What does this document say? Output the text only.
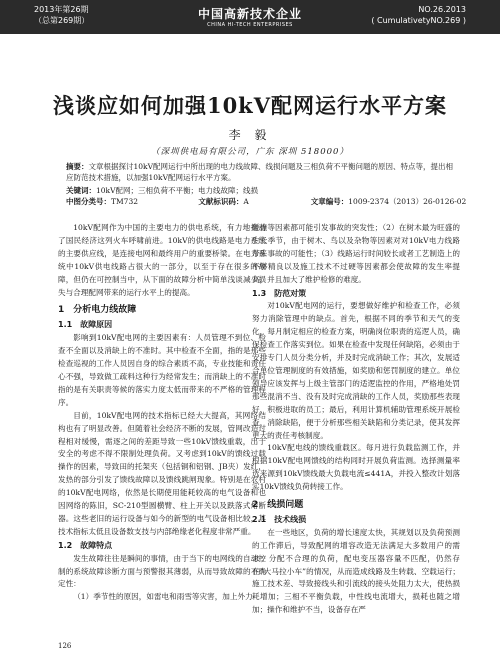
2013年第26期
（总第269期）	中国高新技术企业
CHINA HI-TECH ENTERPRISES
NO.26.2013
( CumulativetyNO.269 )
浅谈应如何加强10kV配网运行水平方案
李 毅
（深圳供电局有限公司，广东 深圳 518000）
摘要：文章根据探讨10kV配网运行中所出现的电力线故障、线损问题及三相负荷不平衡问题的原因、特点等，提出相应防范技术措施，以加强10kV配网运行水平方案。
关键词：10kV配网；三相负荷不平衡；电力线故障；线损
中图分类号：TM732	文献标识码：A	文章编号：1009-2374（2013）26-0126-02

10kV配网作为中国的主要电力的供电系统，有力地推动了国民经济这列火车呼啸前进。10kV的供电线路是电力系统的主要供应线，是连接电网和最终用户的重要桥梁。在电力系统中10kV供电线路占很大的一部分，以至于存在很多的故障，但仍在可控制当中，从下面的故障分析中简单浅谈减少损失与合理配网带来的运行水平上的提高。

1　分析电力线故障
1.1　故障原因

影响到10kV配电网的主要因素有：人员管理不到位、检查不全面以及消缺上的不准时。其中检查不全面，指的是那些检查巡视的工作人员因自身的综合素质不高，专业技能和责任心不强，导致做工疏料这种行为经常发生；而消缺上的不准时指的是有关职责等候的落实力度太低而带来的不严格的管理程序。

目前，10kV配电网的技术指标已经大大提高，其网络结构也有了明显改善。但随着社会经济不断的发展，管网改造过程相对缓慢，需逐之间的差距导致一些10kV馈线重载，出于安全的考虑不得不限制处理负荷。又考虑到10kV的馈线过载操作的因素，导致田的托架夹（包括铜和铝钢、JB夹）发红，发热的部分引发了馈线故障以及馈线跳闸现象。特别是在农村的10kV配电网络，依然是长期使用能耗较高的电气设备和也因网络的陈旧，SC-210型圆横臂、柱上开关以及跌落式熔断器。这些老旧的运行设备与如今的新型的电气设备相比较，其技术指标太低且设备数支技与内部绝缘老化程度非常严重。

1.2　故障特点

发生故障往往是瞬间的事情，由于当下的电网线的自动控制的系统故障诊断方面与预警报其薄弱，从而导致故障的不确定性：

（1）季节性的原因，如雷电和雨雪等灾害，加上外力

碰撞等因素都可能引发事故的突发性；（2）在树木最为旺盛的生长季节，由于树木、鸟以及杂物等因素对对10kV电力线路带来事故的可能性；（3）线路运行时间较长或者工艺制造上的不够精良以及施工技术不过硬等因素都会使故障的发生率提高，并且加大了维护检修的难度。

1.3　防范对策

对10kV配电网的运行，要想做好维护和检查工作，必须努力消除管理中的缺点。首先，根据不同的季节和天气的变化，每月制定相应的检查方案，明确岗位职责的巡逻人员，确保检查工作落实到位。如果在检查中发现任何缺陷，必须由于安排专门人员分类分析，并及时完成消缺工作；其次，发展适合单位管理制度的有效措施，如奖励和惩罚制度的建立。单位领导应该发挥与上级主管部门的适逻监控的作用，严格地处罚那些混消不当、没有及时完成消缺的工作人员，奖励那些表现好、积极进取的员工；最后，利用计算机辅助管理系统开展检查，消除缺陷，便于分析那些相关缺陷和分类记录，使其发挥更大的责任考核制度。

10kV配电线的馈线重载区。每月进行负载监测工作，并根据10kV配电网馈线的结构同时开展负荷监测。选择测量率选来源到10kV馈线最大负载电流≤441A，并投入整改计划落实10kV馈线负荷转接工作。

2　线损问题
2.1　技术线损

在一些地区，负荷的增长速度太快，其规划以及负荷预测的工作滞后，导致配网的增容改造无法满足大多数用户的需求；分配不合理的负荷，配电变压器容量不匹配，仍然存在“大马拉小车”的情况，从而造成线路及生转载、空载运行；施工技术差、导致接线头和引流线的接头处阻力太大，使热损耗增加；三相不平衡负载，中性线电流增大，损耗也随之增加；操作和维护不当，设备存在严

126
